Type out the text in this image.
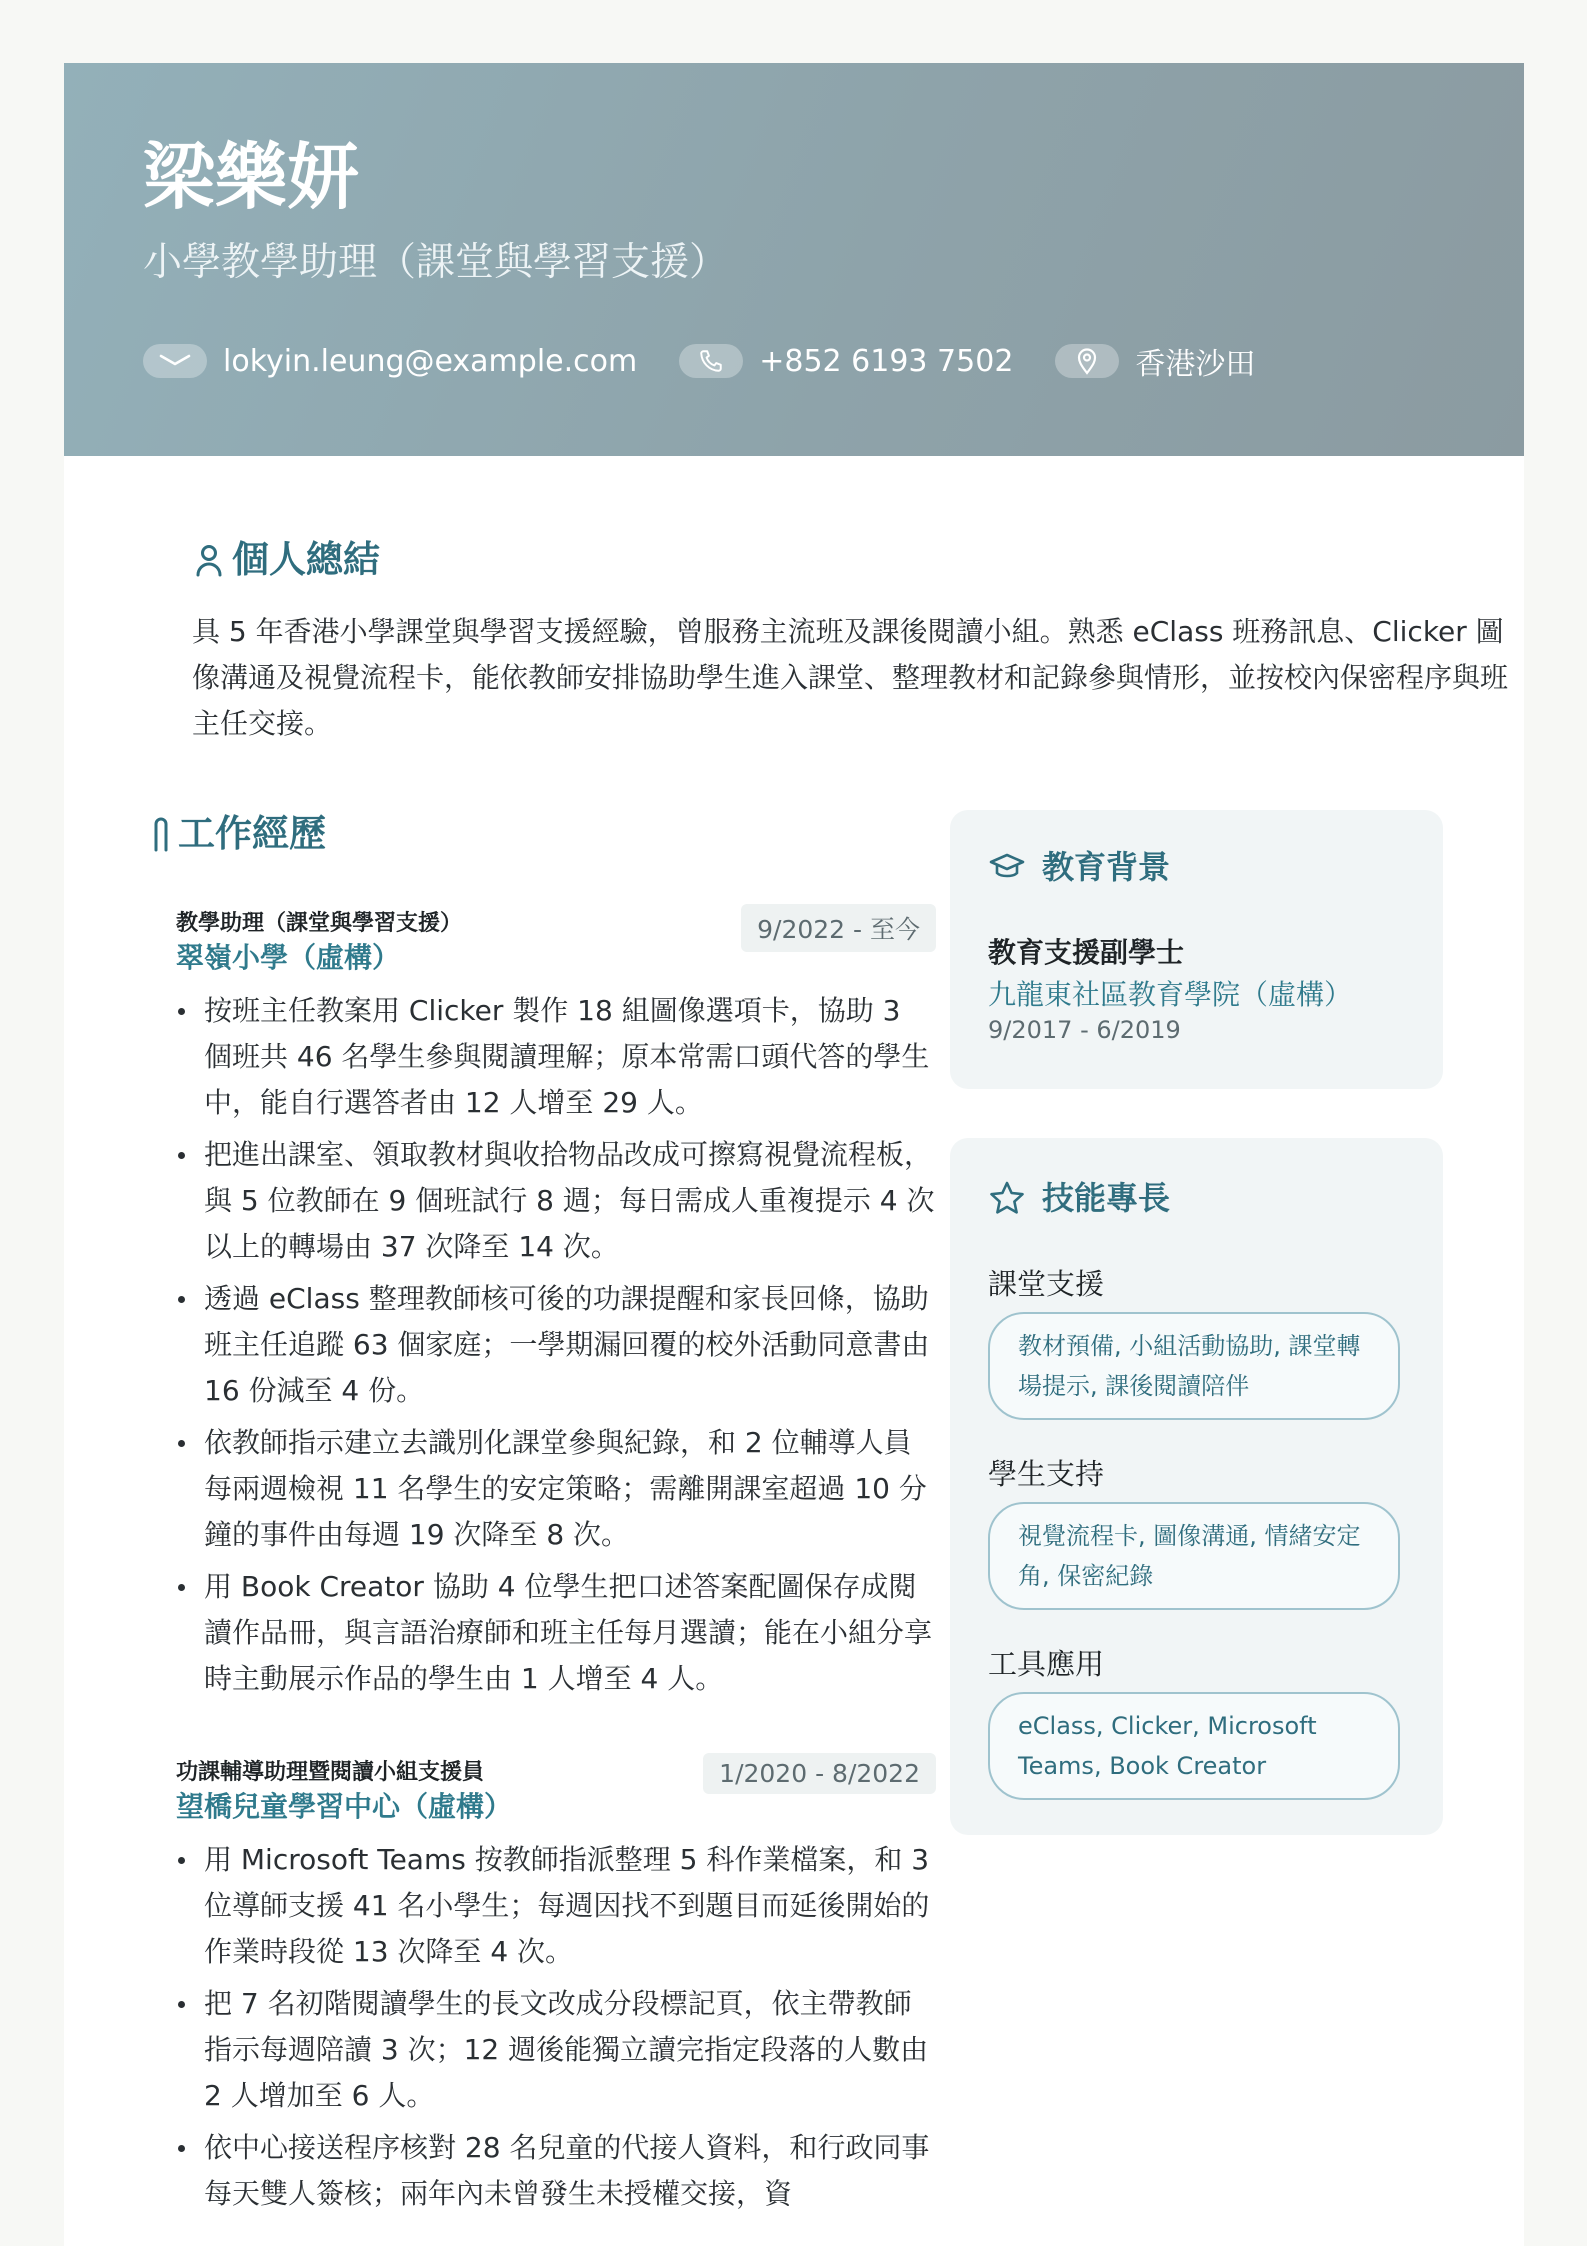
梁樂妍
小學教學助理（課堂與學習支援）
lokyin.leung@example.com	+852 6193 7502	香港沙田
個人總結
具 5 年香港小學課堂與學習支援經驗，曾服務主流班及課後閱讀小組。熟悉 eClass 班務訊息、Clicker 圖像溝通及視覺流程卡，能依教師安排協助學生進入課堂、整理教材和記錄參與情形，並按校內保密程序與班主任交接。
工作經歷
教學助理（課堂與學習支援）
翠嶺小學（虛構）
9/2022 - 至今
按班主任教案用 Clicker 製作 18 組圖像選項卡，協助 3 個班共 46 名學生參與閱讀理解；原本常需口頭代答的學生中，能自行選答者由 12 人增至 29 人。
把進出課室、領取教材與收拾物品改成可擦寫視覺流程板，與 5 位教師在 9 個班試行 8 週；每日需成人重複提示 4 次以上的轉場由 37 次降至 14 次。
透過 eClass 整理教師核可後的功課提醒和家長回條，協助班主任追蹤 63 個家庭；一學期漏回覆的校外活動同意書由 16 份減至 4 份。
依教師指示建立去識別化課堂參與紀錄，和 2 位輔導人員每兩週檢視 11 名學生的安定策略；需離開課室超過 10 分鐘的事件由每週 19 次降至 8 次。
用 Book Creator 協助 4 位學生把口述答案配圖保存成閱讀作品冊，與言語治療師和班主任每月選讀；能在小組分享時主動展示作品的學生由 1 人增至 4 人。
功課輔導助理暨閱讀小組支援員
望橋兒童學習中心（虛構）
1/2020 - 8/2022
用 Microsoft Teams 按教師指派整理 5 科作業檔案，和 3 位導師支援 41 名小學生；每週因找不到題目而延後開始的作業時段從 13 次降至 4 次。
把 7 名初階閱讀學生的長文改成分段標記頁，依主帶教師指示每週陪讀 3 次；12 週後能獨立讀完指定段落的人數由 2 人增加至 6 人。
依中心接送程序核對 28 名兒童的代接人資料，和行政同事每天雙人簽核；兩年內未曾發生未授權交接，資
教育背景
教育支援副學士
九龍東社區教育學院（虛構）
9/2017 - 6/2019
技能專長
課堂支援
教材預備, 小組活動協助, 課堂轉場提示, 課後閱讀陪伴
學生支持
視覺流程卡, 圖像溝通, 情緒安定角, 保密紀錄
工具應用
eClass, Clicker, Microsoft Teams, Book Creator
